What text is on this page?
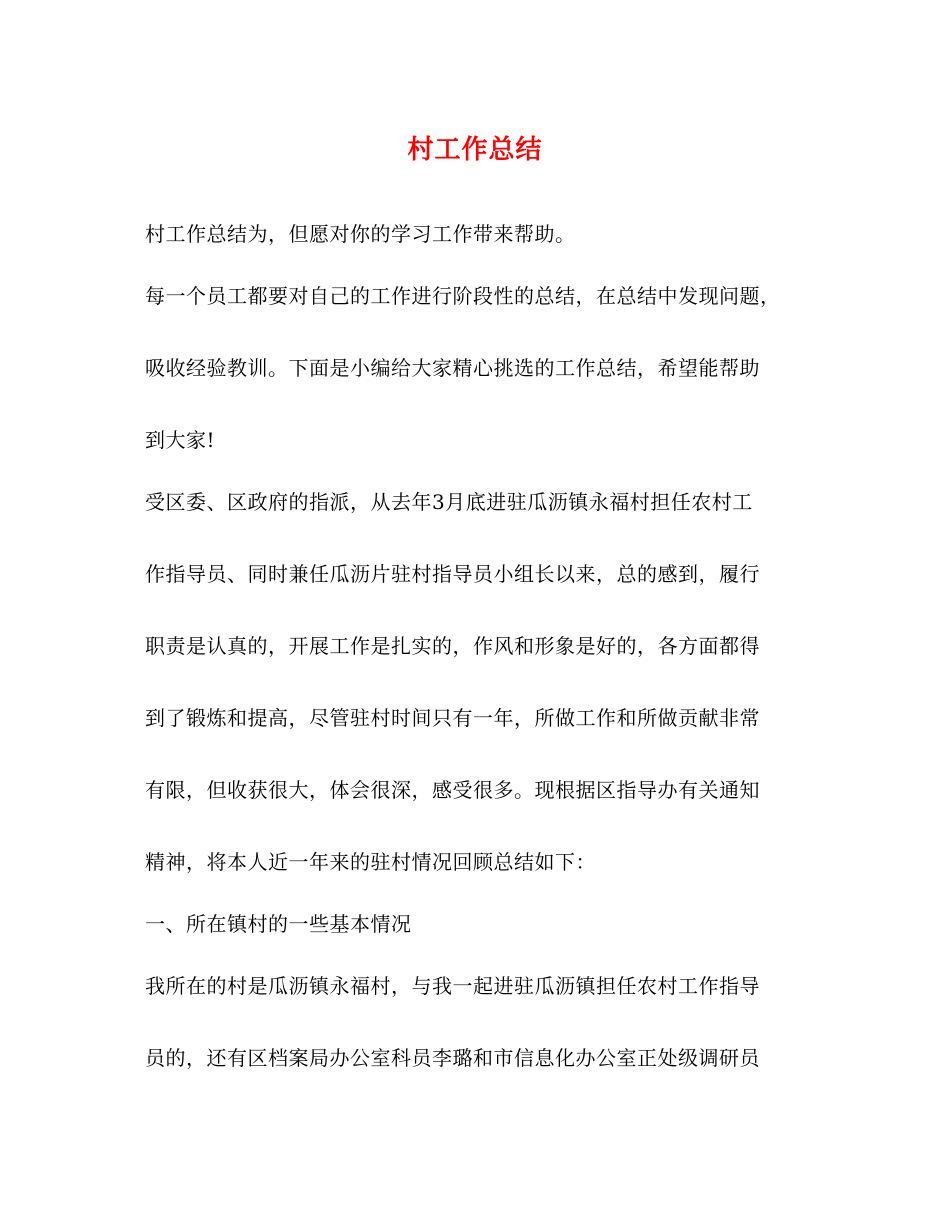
村工作总结
村工作总结为，但愿对你的学习工作带来帮助。
每一个员工都要对自己的工作进行阶段性的总结，在总结中发现问题，
吸收经验教训。下面是小编给大家精心挑选的工作总结，希望能帮助
到大家!
受区委、区政府的指派，从去年3月底进驻瓜沥镇永福村担任农村工
作指导员、同时兼任瓜沥片驻村指导员小组长以来，总的感到，履行
职责是认真的，开展工作是扎实的，作风和形象是好的，各方面都得
到了锻炼和提高，尽管驻村时间只有一年，所做工作和所做贡献非常
有限，但收获很大，体会很深，感受很多。现根据区指导办有关通知
精神，将本人近一年来的驻村情况回顾总结如下：
一、所在镇村的一些基本情况
我所在的村是瓜沥镇永福村，与我一起进驻瓜沥镇担任农村工作指导
员的，还有区档案局办公室科员李璐和市信息化办公室正处级调研员
